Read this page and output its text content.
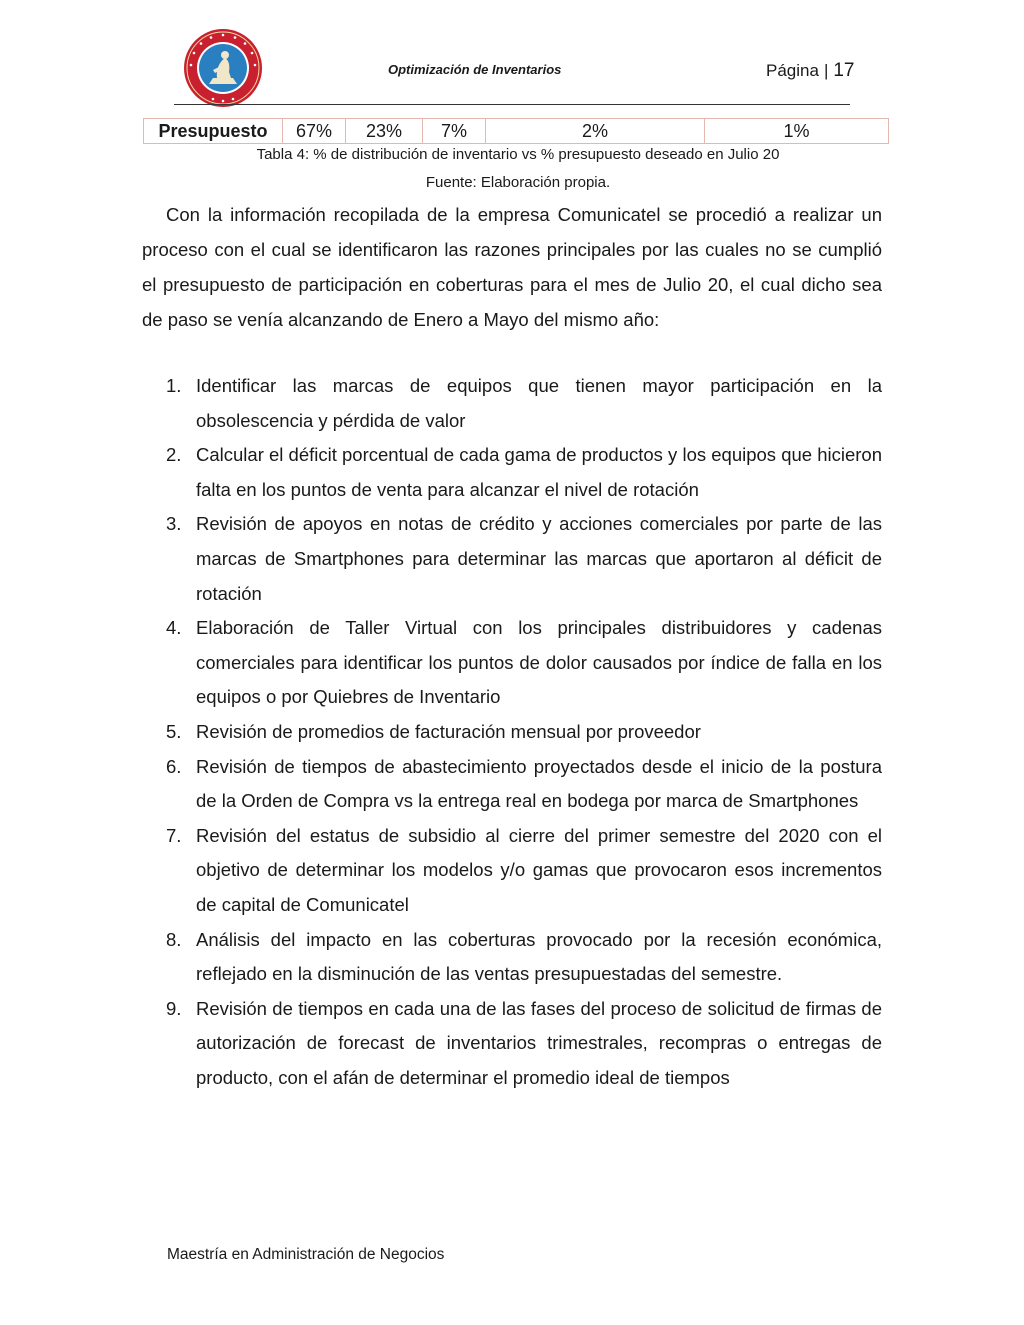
Optimización de Inventarios	Página | 17
Presupuesto	67%	23%	7%	2%	1%
Tabla 4: % de distribución de inventario vs % presupuesto deseado en Julio 20
Fuente: Elaboración propia.

Con la información recopilada de la empresa Comunicatel se procedió a realizar un proceso con el cual se identificaron las razones principales por las cuales no se cumplió el presupuesto de participación en coberturas para el mes de Julio 20, el cual dicho sea de paso se venía alcanzando de Enero a Mayo del mismo año:

1. Identificar las marcas de equipos que tienen mayor participación en la obsolescencia y pérdida de valor
2. Calcular el déficit porcentual de cada gama de productos y los equipos que hicieron falta en los puntos de venta para alcanzar el nivel de rotación
3. Revisión de apoyos en notas de crédito y acciones comerciales por parte de las marcas de Smartphones para determinar las marcas que aportaron al déficit de rotación
4. Elaboración de Taller Virtual con los principales distribuidores y cadenas comerciales para identificar los puntos de dolor causados por índice de falla en los equipos o por Quiebres de Inventario
5. Revisión de promedios de facturación mensual por proveedor
6. Revisión de tiempos de abastecimiento proyectados desde el inicio de la postura de la Orden de Compra vs la entrega real en bodega por marca de Smartphones
7. Revisión del estatus de subsidio al cierre del primer semestre del 2020 con el objetivo de determinar los modelos y/o gamas que provocaron esos incrementos de capital de Comunicatel
8. Análisis del impacto en las coberturas provocado por la recesión económica, reflejado en la disminución de las ventas presupuestadas del semestre.
9. Revisión de tiempos en cada una de las fases del proceso de solicitud de firmas de autorización de forecast de inventarios trimestrales, recompras o entregas de producto, con el afán de determinar el promedio ideal de tiempos
Maestría en Administración de Negocios
